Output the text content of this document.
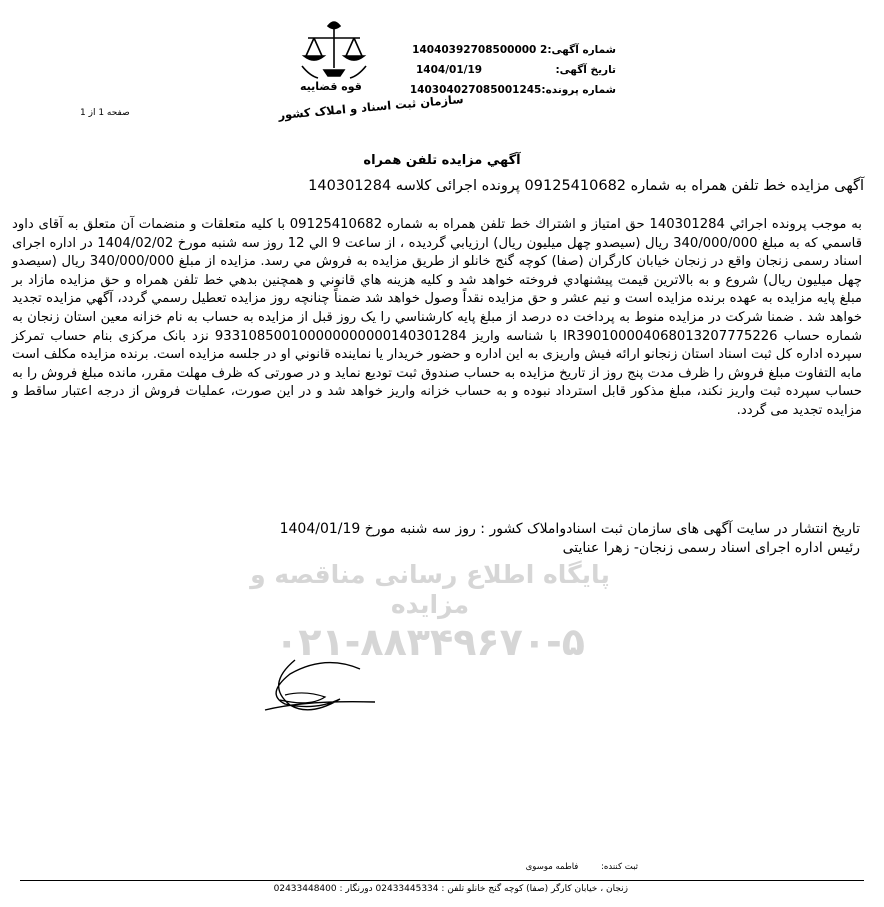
شماره آگهی:
14040392708500000 2
تاریخ آگهی:
1404/01/19
شماره پرونده:
140304027085001245
قوه قضاییه
سازمان ثبت اسناد و املاک کشور
صفحه 1 از 1
آگهي مزايده تلفن همراه
آگهی مزایده خط تلفن همراه به شماره 09125410682 پرونده اجرائی کلاسه 140301284

به موجب پرونده اجرائي 140301284 حق امتياز و اشتراك خط تلفن همراه به شماره 09125410682 با كليه متعلقات و منضمات آن متعلق به آقای داود قاسمي كه به مبلغ 340/000/000 ريال (سيصدو چهل ميليون ريال) ارزيابي گرديده ، از ساعت 9 الي 12 روز سه شنبه مورخ 1404/02/02 در اداره اجرای اسناد رسمی زنجان واقع در زنجان خيابان كارگران (صفا) كوچه گنج خانلو از طريق مزايده به فروش مي رسد. مزايده از مبلغ 340/000/000 ريال (سيصدو چهل ميليون ريال) شروع و به بالاترين قيمت پيشنهادي فروخته خواهد شد و كليه هزينه هاي قانوني و همچنين بدهي خط تلفن همراه و حق مزايده مازاد بر مبلغ پايه مزايده به عهده برنده مزايده است و نيم عشر و حق مزايده نقداً وصول خواهد شد ضمناً چنانچه روز مزايده تعطيل رسمي گردد، آگهي مزايده تجديد خواهد شد . ضمنا شركت در مزايده منوط به پرداخت ده درصد از مبلغ پايه كارشناسي را يک روز قبل از مزايده به حساب به نام خزانه معين استان زنجان به شماره حساب IR390100004068013207775226 با شناسه واريز 933108500100000000000140301284 نزد بانک مركزی بنام حساب تمركز سپرده اداره كل ثبت اسناد استان زنجانو ارائه فيش واريزی به اين اداره و حضور خريدار يا نماينده قانوني او در جلسه مزايده است. برنده مزايده مكلف است مابه التفاوت مبلغ فروش را ظرف مدت پنج روز از تاريخ مزايده به حساب صندوق ثبت توديع نمايد و در صورتی كه ظرف مهلت مقرر، مانده مبلغ فروش را به حساب سپرده ثبت واريز نكند، مبلغ مذكور قابل استرداد نبوده و به حساب خزانه واريز خواهد شد و در اين صورت، عمليات فروش از درجه اعتبار ساقط و مزايده تجديد مى گردد.

تاریخ انتشار در سایت آگهی های سازمان ثبت اسنادواملاک کشور : روز سه شنبه مورخ 1404/01/19
رئیس اداره اجرای اسناد رسمی زنجان- زهرا عنایتی
پایگاه اطلاع رسانی مناقصه و مزایده
۰۲۱-۸۸۳۴۹۶۷۰-۵
ثبت کننده: فاطمه موسوی
زنجان ، خیابان کارگر (صفا) کوچه گنج خانلو تلفن : 02433445334 دورنگار : 02433448400
